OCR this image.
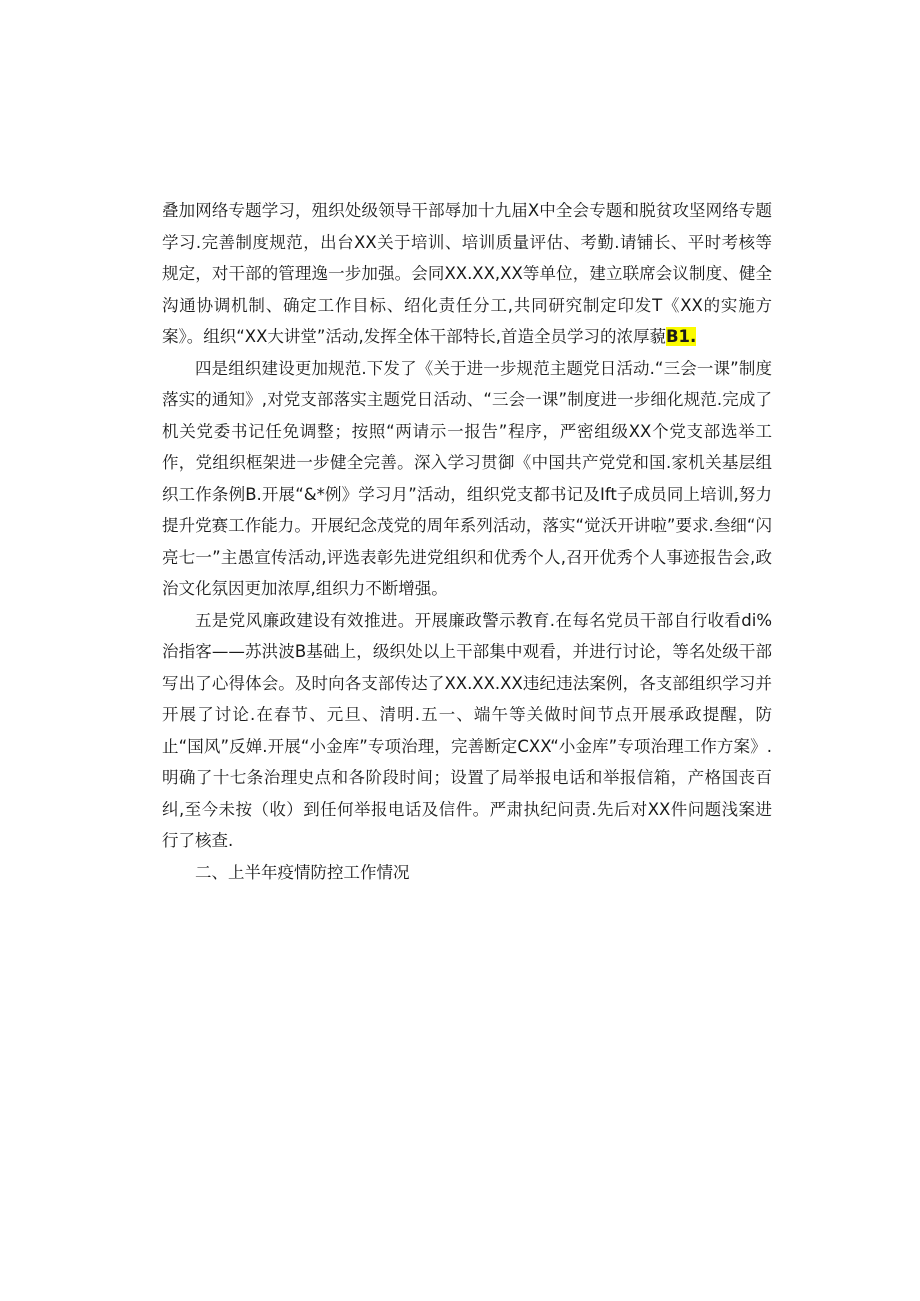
叠加网络专题学习，殂织处级领导干部辱加十九届X中全会专题和脱贫攻坚网络专题学习.完善制度规范，出台XX关于培训、培训质量评估、考勤.请铺长、平时考核等规定，对干部的管理逸一步加强。会同XX.XX,XX等单位，建立联席会议制度、健全沟通协调机制、确定工作目标、绍化责任分工,共同研究制定印发T《XX的实施方案》。组织“XX大讲堂”活动,发挥全体干部特长,首造全员学习的浓厚藐B1.

四是组织建设更加规范.下发了《关于进一步规范主题党日活动.“三会一课”制度落实的通知》,对党支部落实主题党日活动、“三会一课”制度进一步细化规范.完成了机关党委书记任免调整；按照“两请示一报告”程序，严密组级XX个党支部选举工作，党组织框架进一步健全完善。深入学习贯御《中国共产党党和国.家机关基层组织工作条例B.开展“&*例》学习月”活动，组织党支都书记及Ift子成员同上培训,努力提升党赛工作能力。开展纪念茂党的周年系列活动，落实“觉沃开讲啦”要求.叁细“闪亮七一”主愚宣传活动,评选表彰先进党组织和优秀个人,召开优秀个人事迹报告会,政治文化氛因更加浓厚,组织力不断增强。

五是党风廉政建设有效推进。开展廉政警示教育.在每名党员干部自行收看di%治指客——苏洪波B基础上，级织处以上干部集中观看，并进行讨论，等名处级干部写出了心得体会。及时向各支部传达了XX.XX.XX违纪违法案例，各支部组织学习并开展了讨论.在春节、元旦、清明.五一、端午等关做时间节点开展承政提醒，防止“国风”反婵.开展“小金库”专项治理，完善断定CXX“小金库”专项治理工作方案》.明确了十七条治理史点和各阶段时间；设置了局举报电话和举报信箱，产格国丧百纠,至今未按（收）到任何举报电话及信件。严肃执纪问责.先后对XX件问题浅案进行了核查.

二、上半年疫情防控工作情况
